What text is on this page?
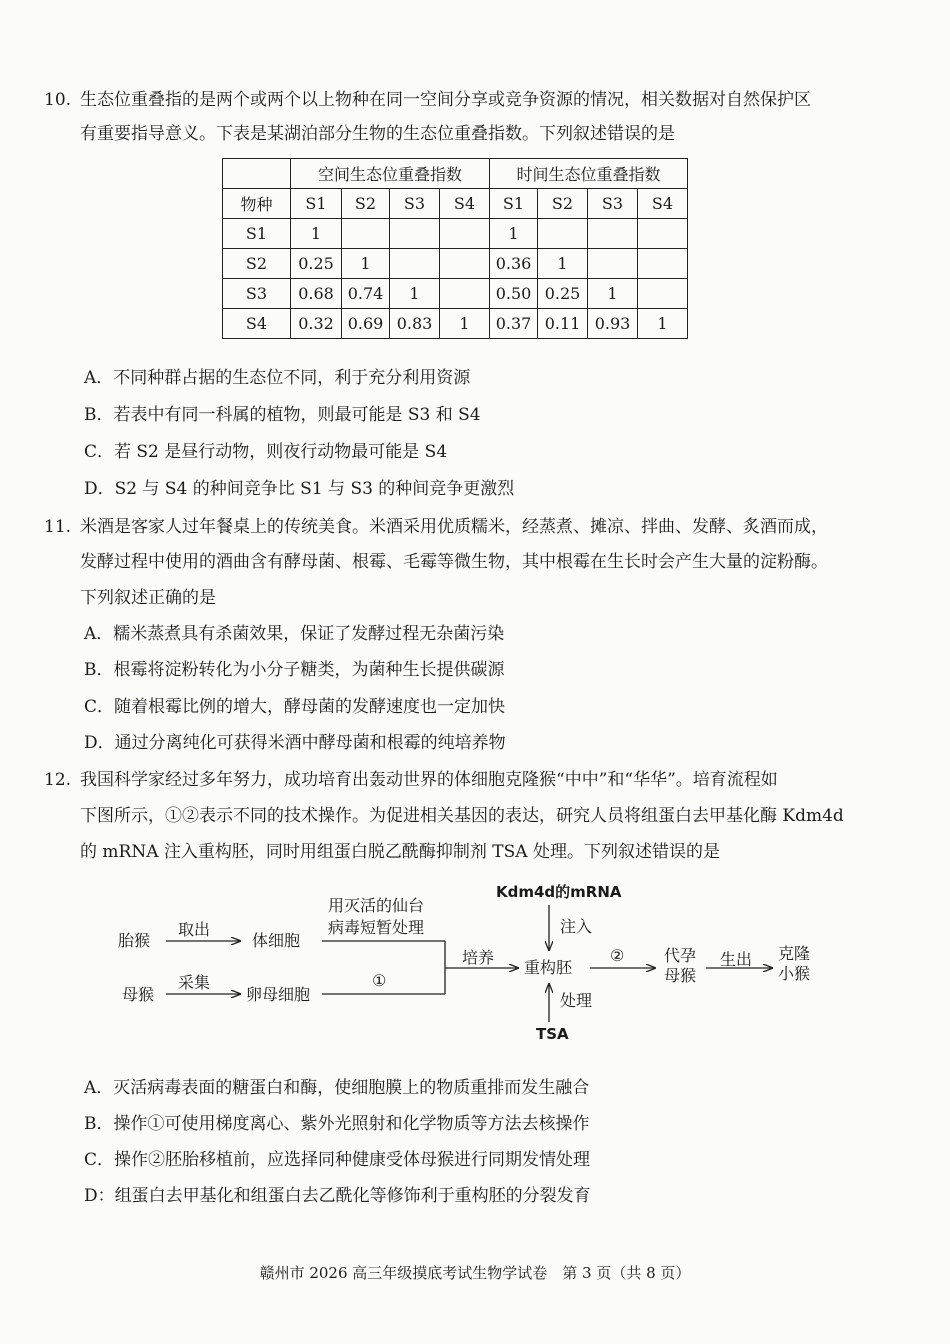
10. 生态位重叠指的是两个或两个以上物种在同一空间分享或竞争资源的情况，相关数据对自然保护区
有重要指导意义。下表是某湖泊部分生物的生态位重叠指数。下列叙述错误的是
	空间生态位重叠指数				时间生态位重叠指数			
物种	S1	S2	S3	S4	S1	S2	S3	S4
S1	1				1			
S2	0.25	1			0.36	1		
S3	0.68	0.74	1		0.50	0.25	1	
S4	0.32	0.69	0.83	1	0.37	0.11	0.93	1
A．不同种群占据的生态位不同，利于充分利用资源
B．若表中有同一科属的植物，则最可能是 S3 和 S4
C．若 S2 是昼行动物，则夜行动物最可能是 S4
D．S2 与 S4 的种间竞争比 S1 与 S3 的种间竞争更激烈
11. 米酒是客家人过年餐桌上的传统美食。米酒采用优质糯米，经蒸煮、摊凉、拌曲、发酵、炙酒而成，
发酵过程中使用的酒曲含有酵母菌、根霉、毛霉等微生物，其中根霉在生长时会产生大量的淀粉酶。
下列叙述正确的是
A．糯米蒸煮具有杀菌效果，保证了发酵过程无杂菌污染
B．根霉将淀粉转化为小分子糖类，为菌种生长提供碳源
C．随着根霉比例的增大，酵母菌的发酵速度也一定加快
D．通过分离纯化可获得米酒中酵母菌和根霉的纯培养物
12. 我国科学家经过多年努力，成功培育出轰动世界的体细胞克隆猴“中中”和“华华”。培育流程如
下图所示，①②表示不同的技术操作。为促进相关基因的表达，研究人员将组蛋白去甲基化酶 Kdm4d
的 mRNA 注入重构胚，同时用组蛋白脱乙酰酶抑制剂 TSA 处理。下列叙述错误的是
胎猴
取出
体细胞
用灭活的仙台
病毒短暂处理
母猴
采集
卵母细胞
①
培养
重构胚
Kdm4d的mRNA
注入
处理
TSA
② 代孕
母猴
生出 克隆
小猴
A．灭活病毒表面的糖蛋白和酶，使细胞膜上的物质重排而发生融合
B．操作①可使用梯度离心、紫外光照射和化学物质等方法去核操作
C．操作②胚胎移植前，应选择同种健康受体母猴进行同期发情处理
D：组蛋白去甲基化和组蛋白去乙酰化等修饰利于重构胚的分裂发育
赣州市 2026 高三年级摸底考试生物学试卷　第 3 页（共 8 页）
